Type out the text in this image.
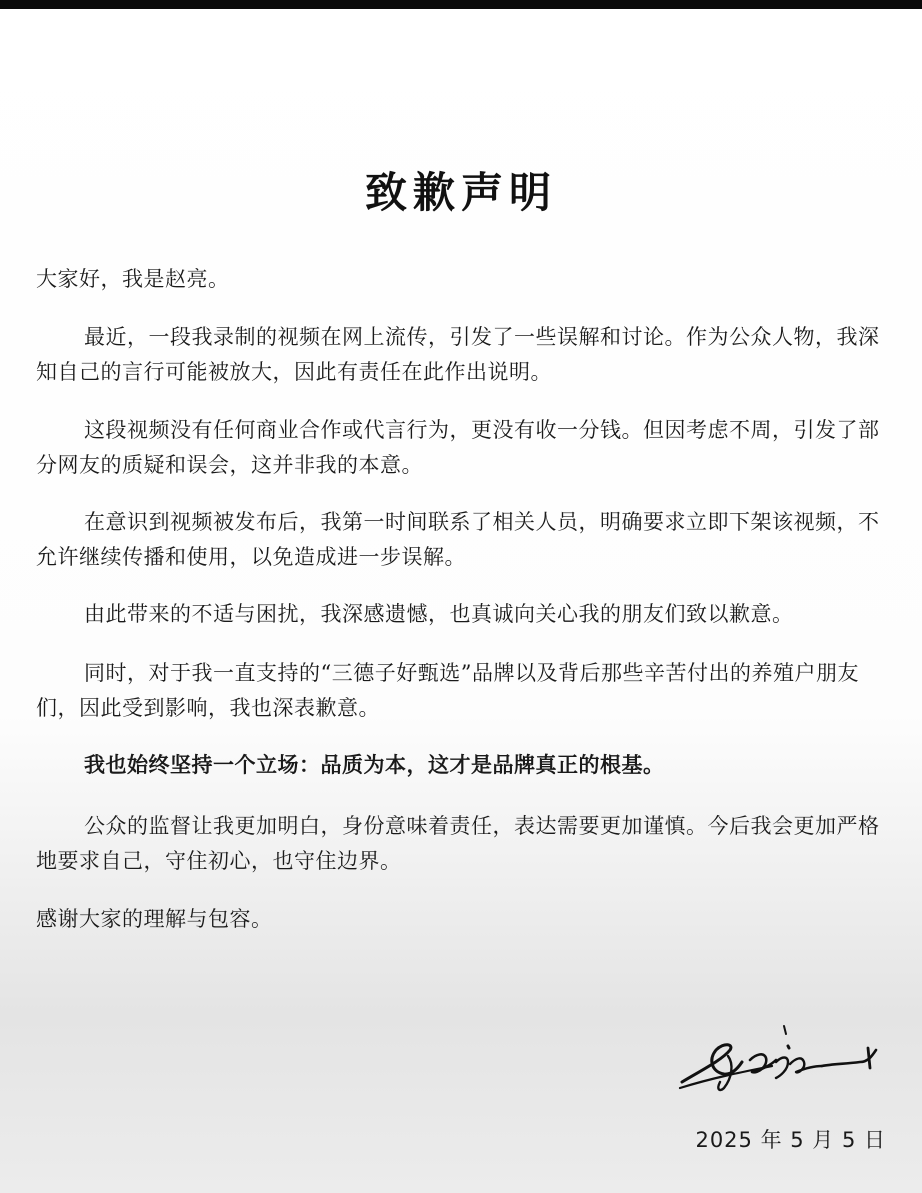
致歉声明

大家好，我是赵亮。

最近，一段我录制的视频在网上流传，引发了一些误解和讨论。作为公众人物，我深知自己的言行可能被放大，因此有责任在此作出说明。

这段视频没有任何商业合作或代言行为，更没有收一分钱。但因考虑不周，引发了部分网友的质疑和误会，这并非我的本意。

在意识到视频被发布后，我第一时间联系了相关人员，明确要求立即下架该视频，不允许继续传播和使用，以免造成进一步误解。

由此带来的不适与困扰，我深感遗憾，也真诚向关心我的朋友们致以歉意。

同时，对于我一直支持的“三德子好甄选”品牌以及背后那些辛苦付出的养殖户朋友们，因此受到影响，我也深表歉意。

我也始终坚持一个立场：品质为本，这才是品牌真正的根基。

公众的监督让我更加明白，身份意味着责任，表达需要更加谨慎。今后我会更加严格地要求自己，守住初心，也守住边界。

感谢大家的理解与包容。

2025 年 5 月 5 日
